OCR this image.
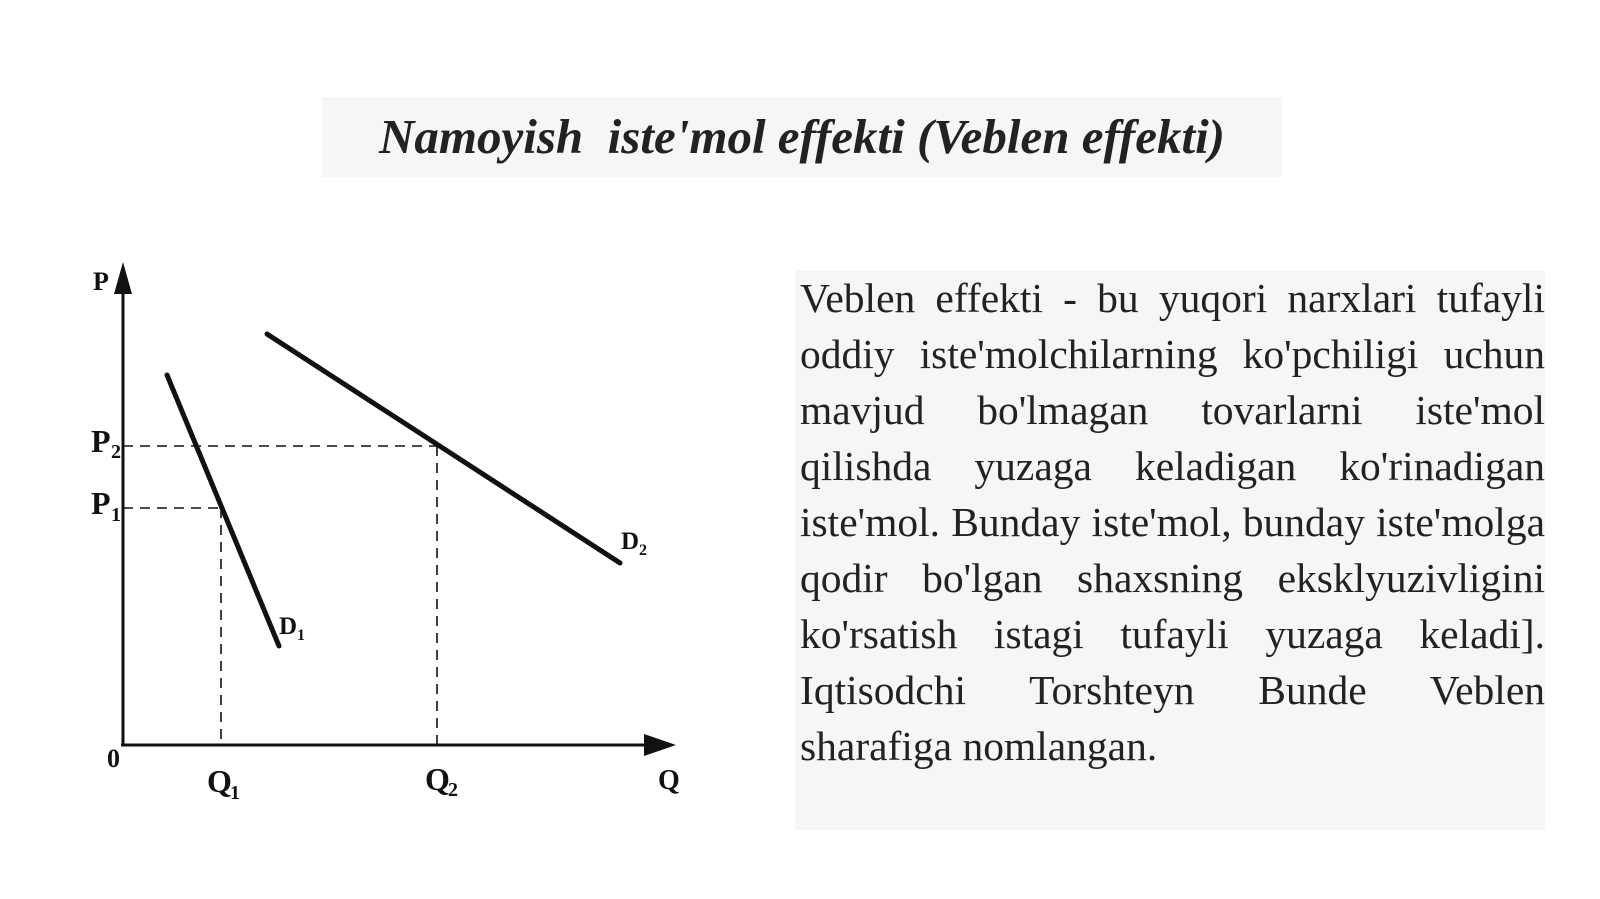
Namoyish  iste'mol effekti (Veblen effekti)
P
Q
0
P 2
P 1
Q
1	Q
2
D 1
D 2

Veblen effekti - bu yuqori narxlari tufayli oddiy iste'molchilarning ko'pchiligi uchun mavjud bo'lmagan tovarlarni iste'mol qilishda yuzaga keladigan ko'rinadigan iste'mol. Bunday iste'mol, bunday iste'molga qodir bo'lgan shaxsning eksklyuzivligini ko'rsatish istagi tufayli yuzaga keladi]. Iqtisodchi Torshteyn Bunde Veblen sharafiga nomlangan.
